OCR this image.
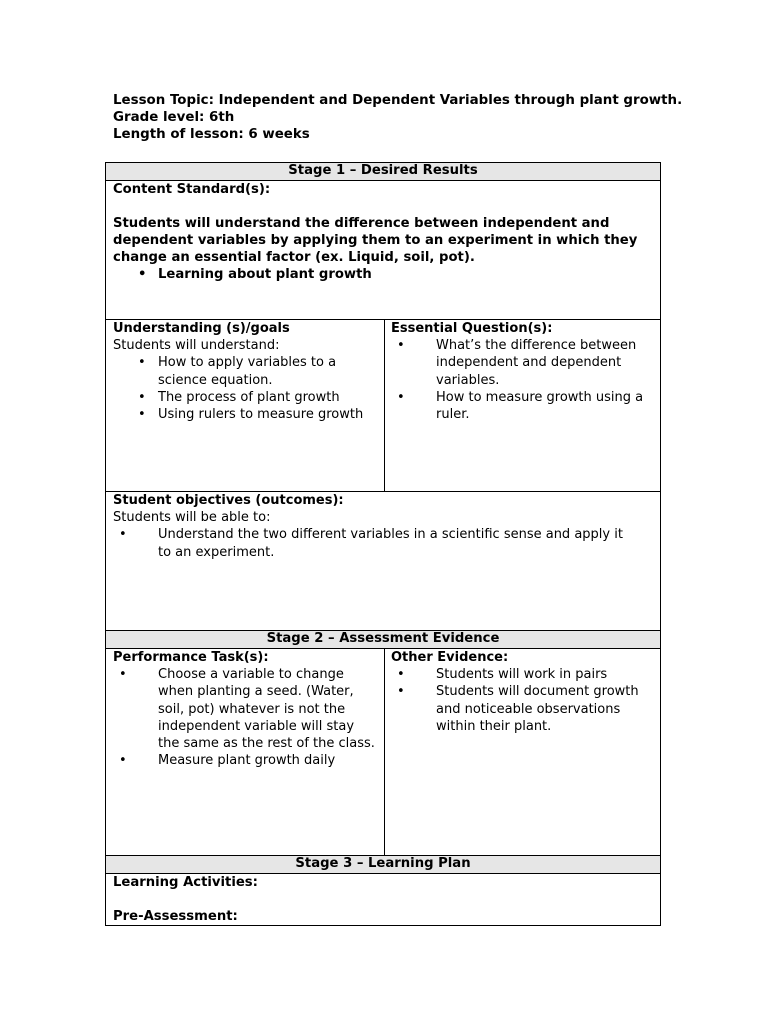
Lesson Topic: Independent and Dependent Variables through plant growth.
Grade level: 6th
Length of lesson: 6 weeks
Stage 1 – Desired Results
Content Standard(s):
Students will understand the difference between independent and dependent variables by applying them to an experiment in which they change an essential factor (ex. Liquid, soil, pot).
• Learning about plant growth
Understanding (s)/goals
Students will understand:
• How to apply variables to a science equation.
• The process of plant growth
• Using rulers to measure growth
Essential Question(s):
• What’s the difference between independent and dependent variables.
• How to measure growth using a ruler.
Student objectives (outcomes):
Students will be able to:
• Understand the two different variables in a scientific sense and apply it to an experiment.
Stage 2 – Assessment Evidence
Performance Task(s):
• Choose a variable to change when planting a seed. (Water, soil, pot) whatever is not the independent variable will stay the same as the rest of the class.
• Measure plant growth daily
Other Evidence:
• Students will work in pairs
• Students will document growth and noticeable observations within their plant.
Stage 3 – Learning Plan
Learning Activities:
Pre-Assessment:
